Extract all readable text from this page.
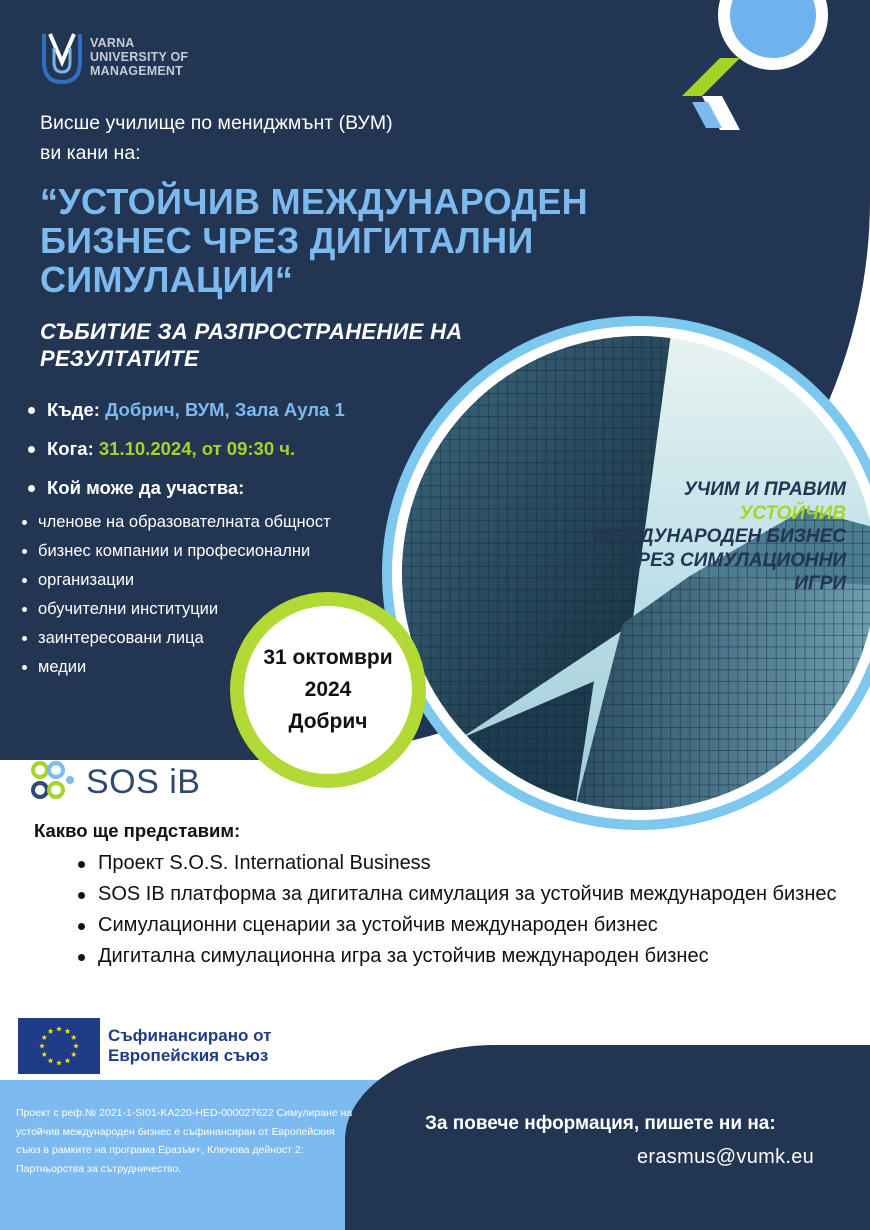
VARNA
UNIVERSITY OF
MANAGEMENT

Висше училище по мениджмънт (ВУМ)

ви кани на:

“УСТОЙЧИВ МЕЖДУНАРОДЕН БИЗНЕС ЧРЕЗ ДИГИТАЛНИ СИМУЛАЦИИ“
СЪБИТИЕ ЗА РАЗПРОСТРАНЕНИЕ НА РЕЗУЛТАТИТЕ
Къде:
Добрич, ВУМ, Зала Аула 1
Кога:
31.10.2024, от 09:30 ч.
Кой може да участва:
членове на образователната общност
бизнес компании и професионални
организации
обучителни институции
заинтересовани лица
медии
УЧИМ И ПРАВИМ
УСТОЙЧИВ
МЕЖДУНАРОДЕН БИЗНЕС
ЧРЕЗ СИМУЛАЦИОННИ
ИГРИ
31 октомври
2024
Добрич
SOS iB
Какво ще представим:
Проект S.O.S. International Business
SOS IB платформа за дигитална симулация за устойчив международен бизнес
Симулационни сценарии за устойчив международен бизнес
Дигитална симулационна игра за устойчив международен бизнес
Съфинансирано от
Европейския съюз
Проект с реф.№ 2021-1-SI01-KA220-HED-000027622 Симулиране на устойчив международен бизнес е съфинансиран от Европейския съюз в рамките на програма Еразъм+, Ключова дейност 2: Партньорства за сътрудничество.
За повече нформация, пишете ни на:
erasmus@vumk.eu
